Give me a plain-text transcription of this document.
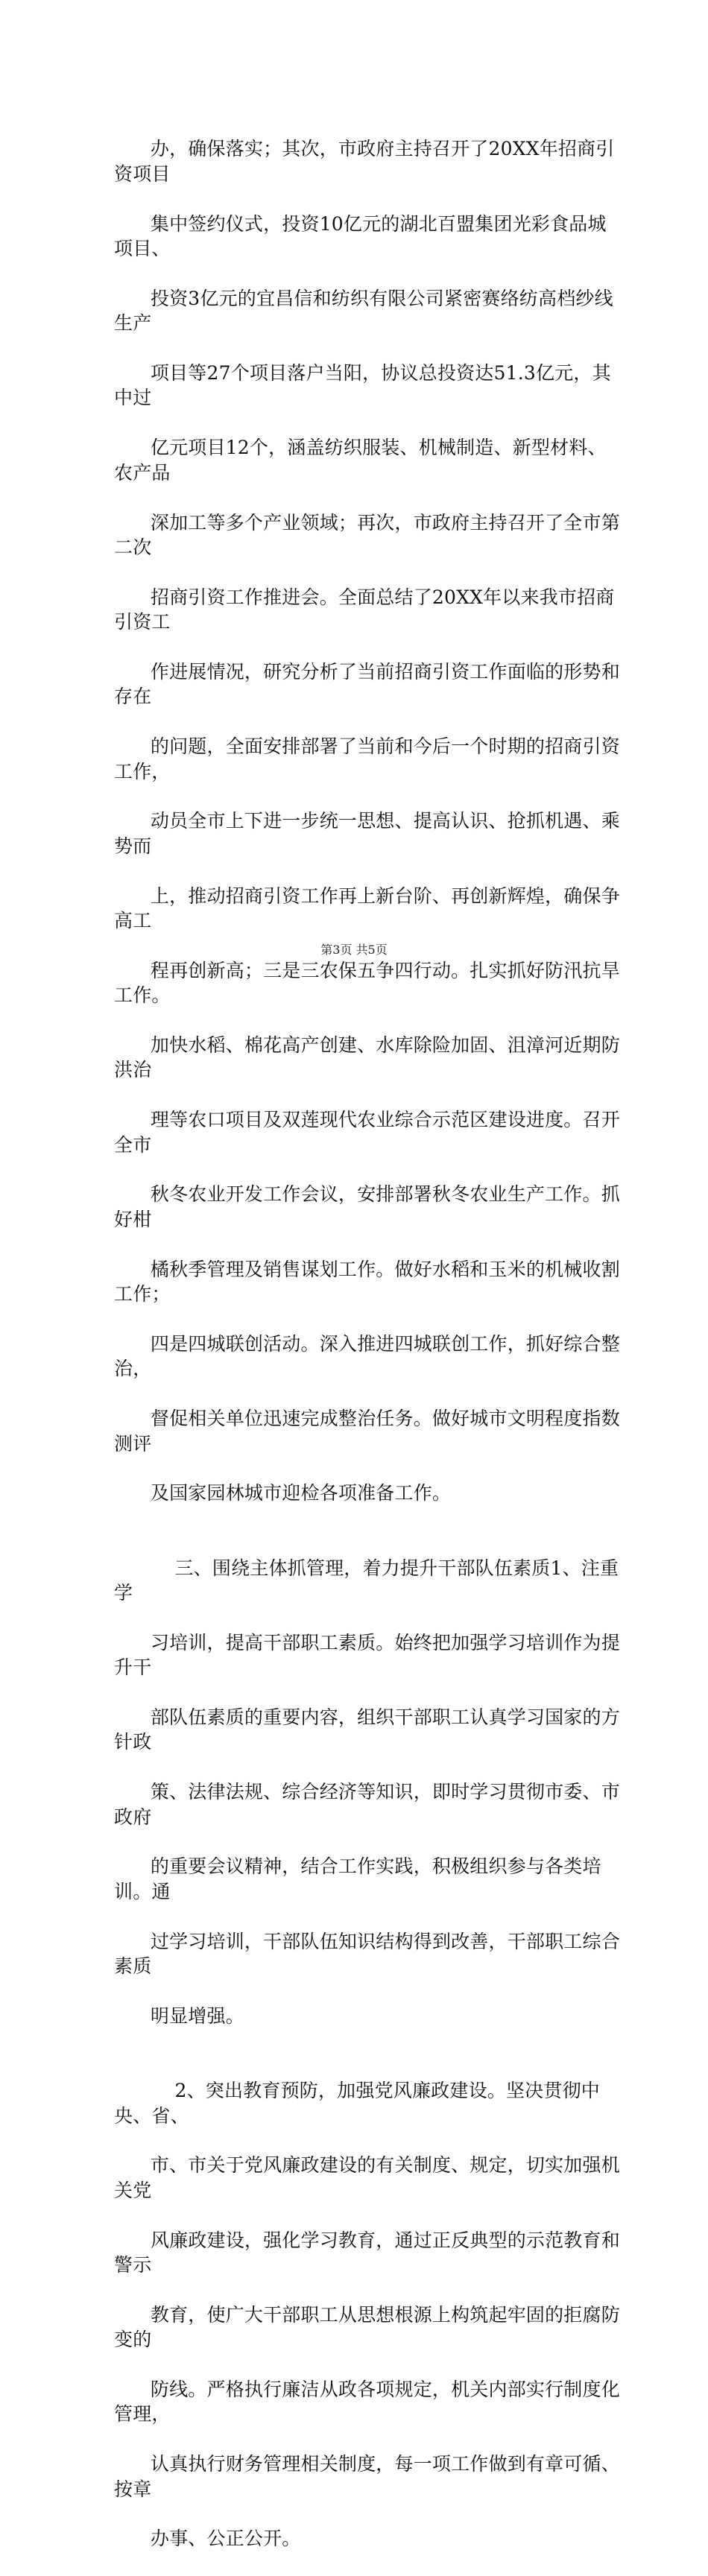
办，确保落实；其次，市政府主持召开了20XX年招商引资项目

集中签约仪式，投资10亿元的湖北百盟集团光彩食品城项目、

投资3亿元的宜昌信和纺织有限公司紧密赛络纺高档纱线生产

项目等27个项目落户当阳，协议总投资达51.3亿元，其中过

亿元项目12个，涵盖纺织服装、机械制造、新型材料、农产品

深加工等多个产业领域；再次，市政府主持召开了全市第二次

招商引资工作推进会。全面总结了20XX年以来我市招商引资工

作进展情况，研究分析了当前招商引资工作面临的形势和存在

的问题，全面安排部署了当前和今后一个时期的招商引资工作，

动员全市上下进一步统一思想、提高认识、抢抓机遇、乘势而

上，推动招商引资工作再上新台阶、再创新辉煌，确保争高工

程再创新高；三是三农保五争四行动。扎实抓好防汛抗旱工作。

加快水稻、棉花高产创建、水库除险加固、沮漳河近期防洪治

理等农口项目及双莲现代农业综合示范区建设进度。召开全市

秋冬农业开发工作会议，安排部署秋冬农业生产工作。抓好柑

橘秋季管理及销售谋划工作。做好水稻和玉米的机械收割工作；

四是四城联创活动。深入推进四城联创工作，抓好综合整治，

督促相关单位迅速完成整治任务。做好城市文明程度指数测评

及国家园林城市迎检各项准备工作。

三、围绕主体抓管理，着力提升干部队伍素质1、注重学

习培训，提高干部职工素质。始终把加强学习培训作为提升干

部队伍素质的重要内容，组织干部职工认真学习国家的方针政

策、法律法规、综合经济等知识，即时学习贯彻市委、市政府

的重要会议精神，结合工作实践，积极组织参与各类培训。通

过学习培训，干部队伍知识结构得到改善，干部职工综合素质

明显增强。

2、突出教育预防，加强党风廉政建设。坚决贯彻中央、省、

市、市关于党风廉政建设的有关制度、规定，切实加强机关党

风廉政建设，强化学习教育，通过正反典型的示范教育和警示

教育，使广大干部职工从思想根源上构筑起牢固的拒腐防变的

防线。严格执行廉洁从政各项规定，机关内部实行制度化管理，

认真执行财务管理相关制度，每一项工作做到有章可循、按章

办事、公正公开。

第3页 共5页
